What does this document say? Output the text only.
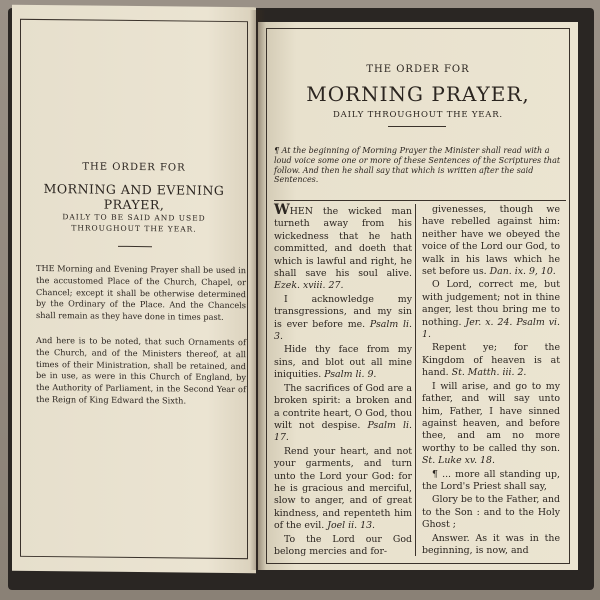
THE ORDER FOR
MORNING AND EVENING PRAYER,
DAILY TO BE SAID AND USED
THROUGHOUT THE YEAR.
THE Morning and Evening Prayer shall be used in the accustomed Place of the Church, Chapel, or Chancel; except it shall be otherwise determined by the Ordinary of the Place. And the Chancels shall remain as they have done in times past.
And here is to be noted, that such Ornaments of the Church, and of the Ministers thereof, at all times of their Ministration, shall be retained, and be in use, as were in this Church of England, by the Authority of Parliament, in the Second Year of the Reign of King Edward the Sixth.
THE ORDER FOR
MORNING PRAYER,
DAILY THROUGHOUT THE YEAR.
¶ At the beginning of Morning Prayer the Minister shall read with a loud voice some one or more of these Sentences of the Scriptures that follow. And then he shall say that which is written after the said Sentences.

WHEN the wicked man turneth away from his wickedness that he hath committed, and doeth that which is lawful and right, he shall save his soul alive. Ezek. xviii. 27.

I acknowledge my transgressions, and my sin is ever before me. Psalm li. 3.

Hide thy face from my sins, and blot out all mine iniquities. Psalm li. 9.

The sacrifices of God are a broken spirit: a broken and a contrite heart, O God, thou wilt not despise. Psalm li. 17.

Rend your heart, and not your garments, and turn unto the Lord your God: for he is gracious and merciful, slow to anger, and of great kindness, and repenteth him of the evil. Joel ii. 13.

To the Lord our God belong mercies and for-

givenesses, though we have rebelled against him: neither have we obeyed the voice of the Lord our God, to walk in his laws which he set before us. Dan. ix. 9, 10.

O Lord, correct me, but with judgement; not in thine anger, lest thou bring me to nothing. Jer. x. 24. Psalm vi. 1.

Repent ye; for the Kingdom of heaven is at hand. St. Matth. iii. 2.

I will arise, and go to my father, and will say unto him, Father, I have sinned against heaven, and before thee, and am no more worthy to be called thy son. St. Luke xv. 18.

¶ ... more all standing up, the Lord's Priest shall say,

Glory be to the Father, and to the Son : and to the Holy Ghost ;

Answer. As it was in the beginning, is now, and
